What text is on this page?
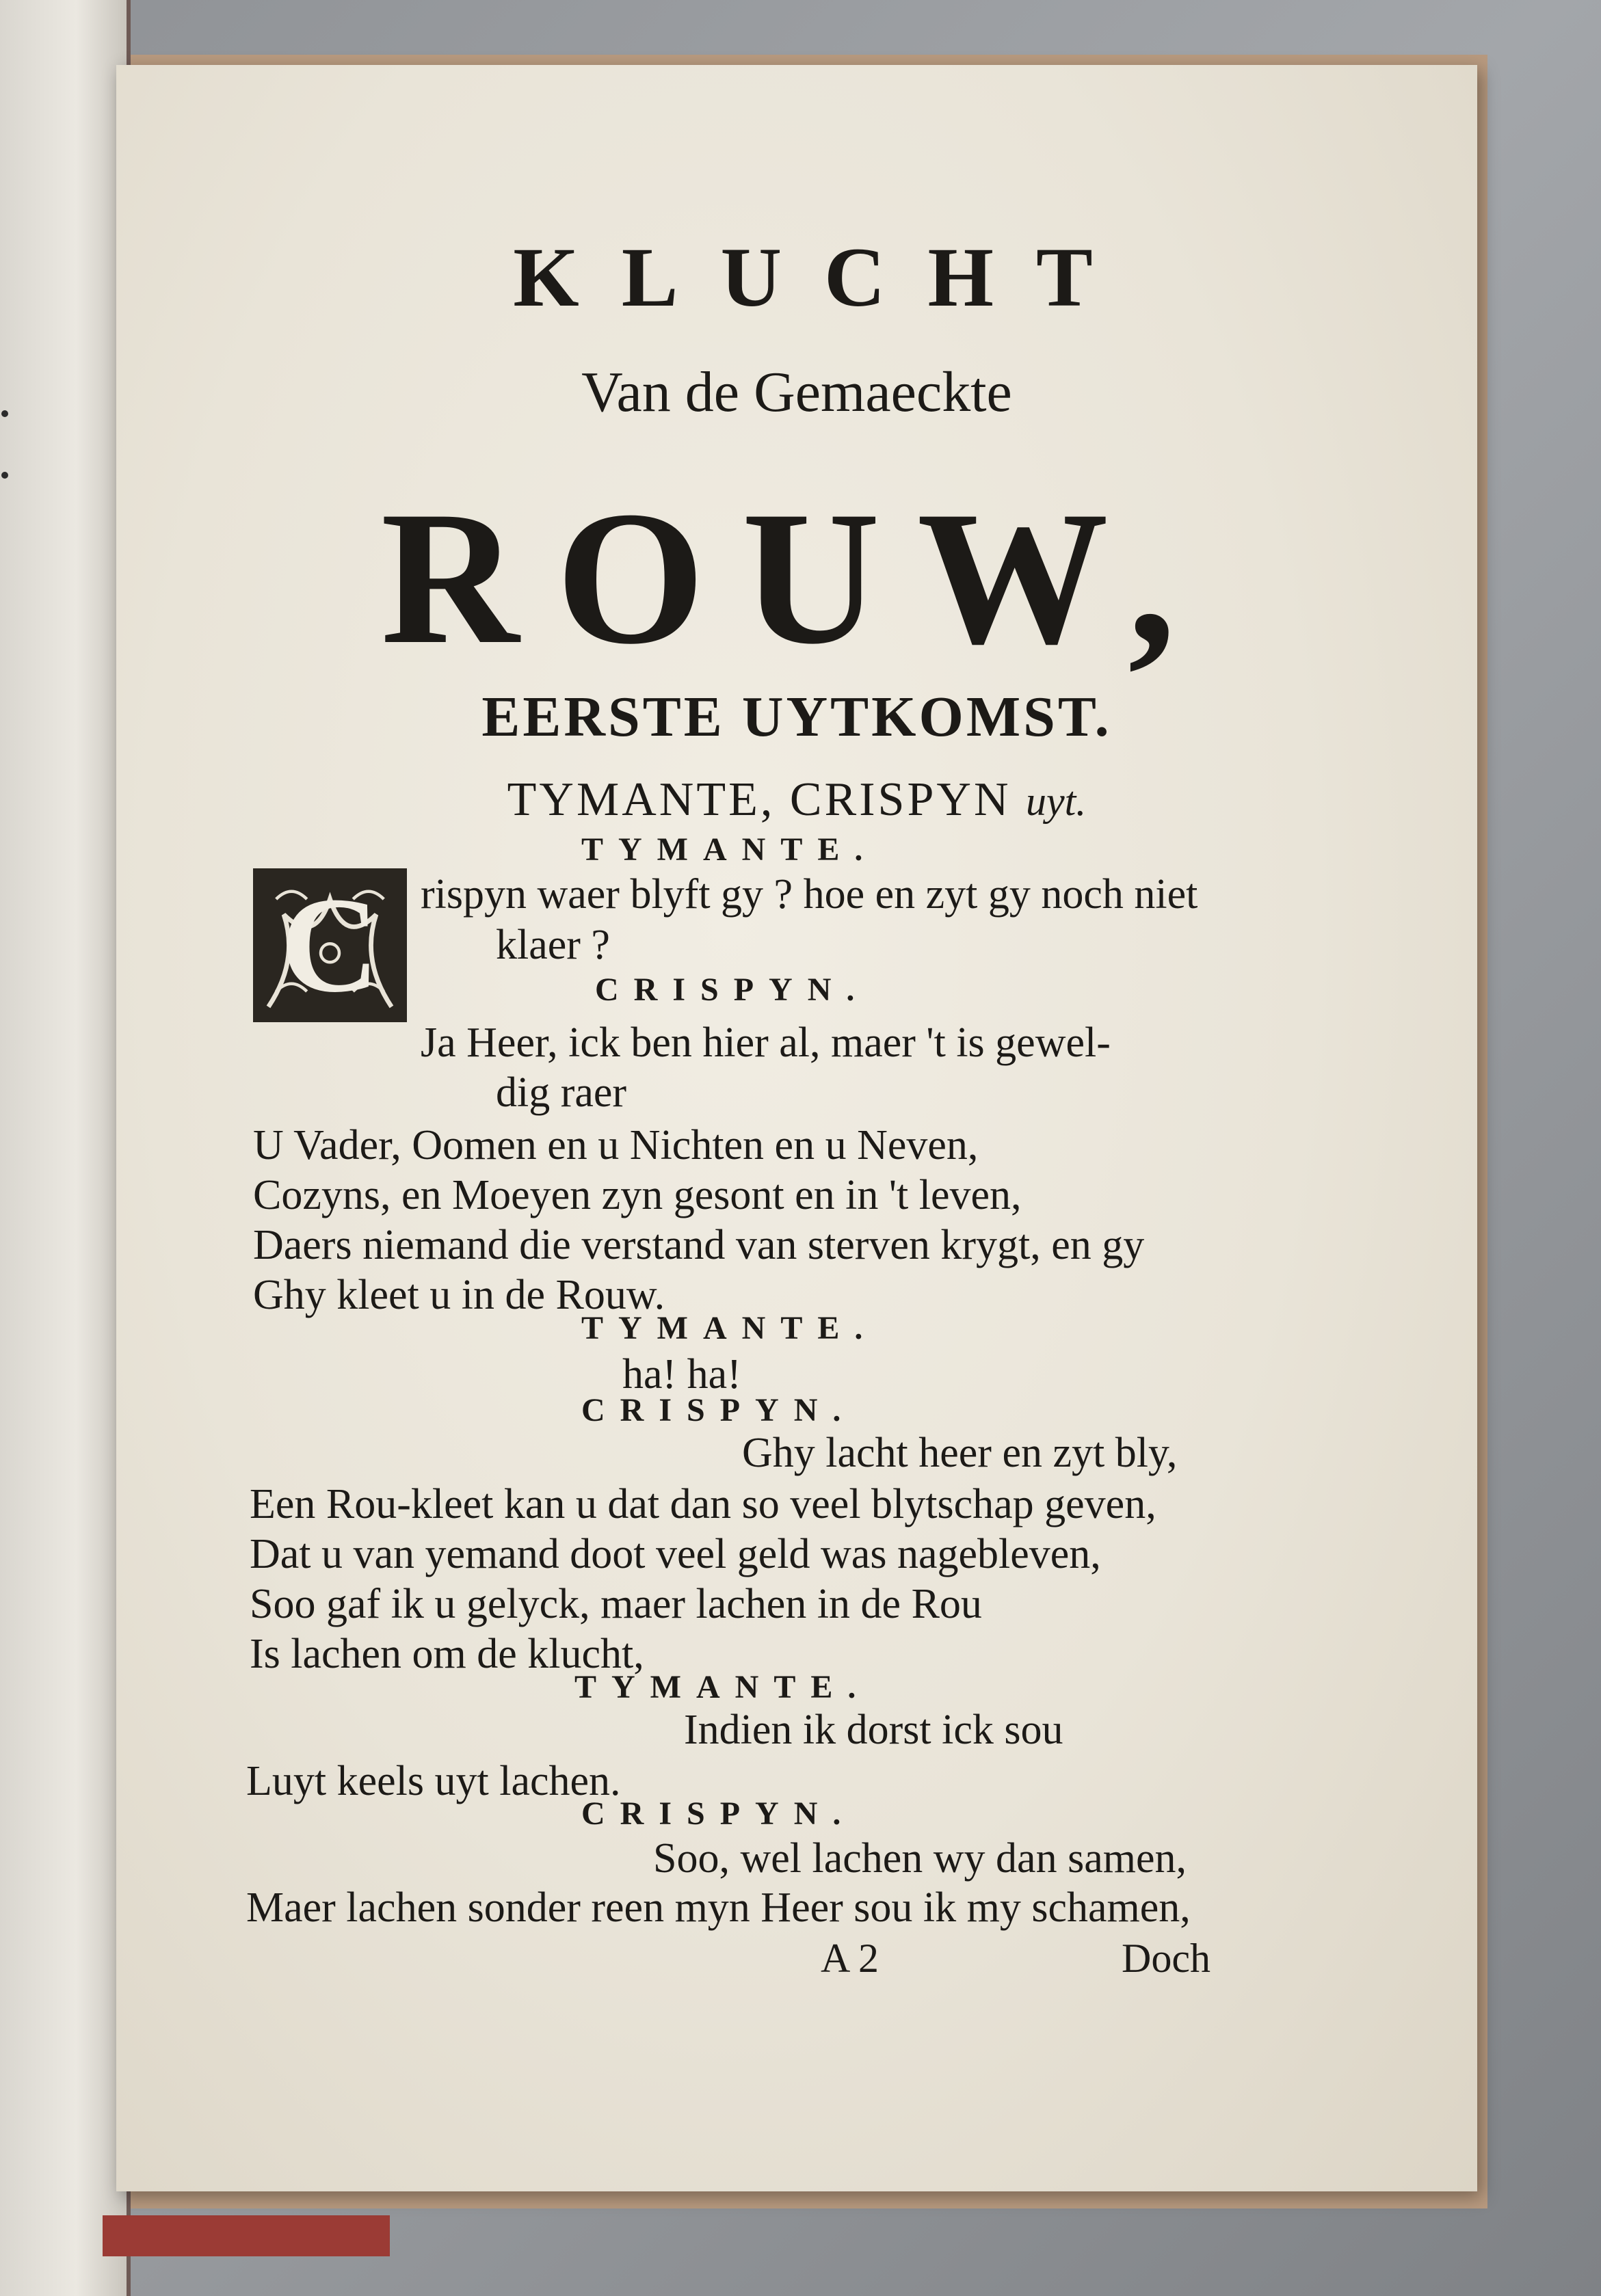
KLUCHT
Van de Gemaeckte
ROUW,
EERSTE UYTKOMST.
TYMANTE, CRISPYN uyt.
TYMANTE.
C rispyn waer blyft gy ? hoe en zyt gy noch niet
klaer ?
CRISPYN.
Ja Heer, ick ben hier al, maer 't is gewel-
dig raer
U Vader, Oomen en u Nichten en u Neven,
Cozyns, en Moeyen zyn gesont en in 't leven,
Daers niemand die verstand van sterven krygt, en gy
Ghy kleet u in de Rouw.
TYMANTE.
ha! ha!
CRISPYN.
Ghy lacht heer en zyt bly,
Een Rou-kleet kan u dat dan so veel blytschap geven,
Dat u van yemand doot veel geld was nagebleven,
Soo gaf ik u gelyck, maer lachen in de Rou
Is lachen om de klucht,
TYMANTE.
Indien ik dorst ick sou
Luyt keels uyt lachen.
CRISPYN.
Soo, wel lachen wy dan samen,
Maer lachen sonder reen myn Heer sou ik my schamen,
A 2	Doch
